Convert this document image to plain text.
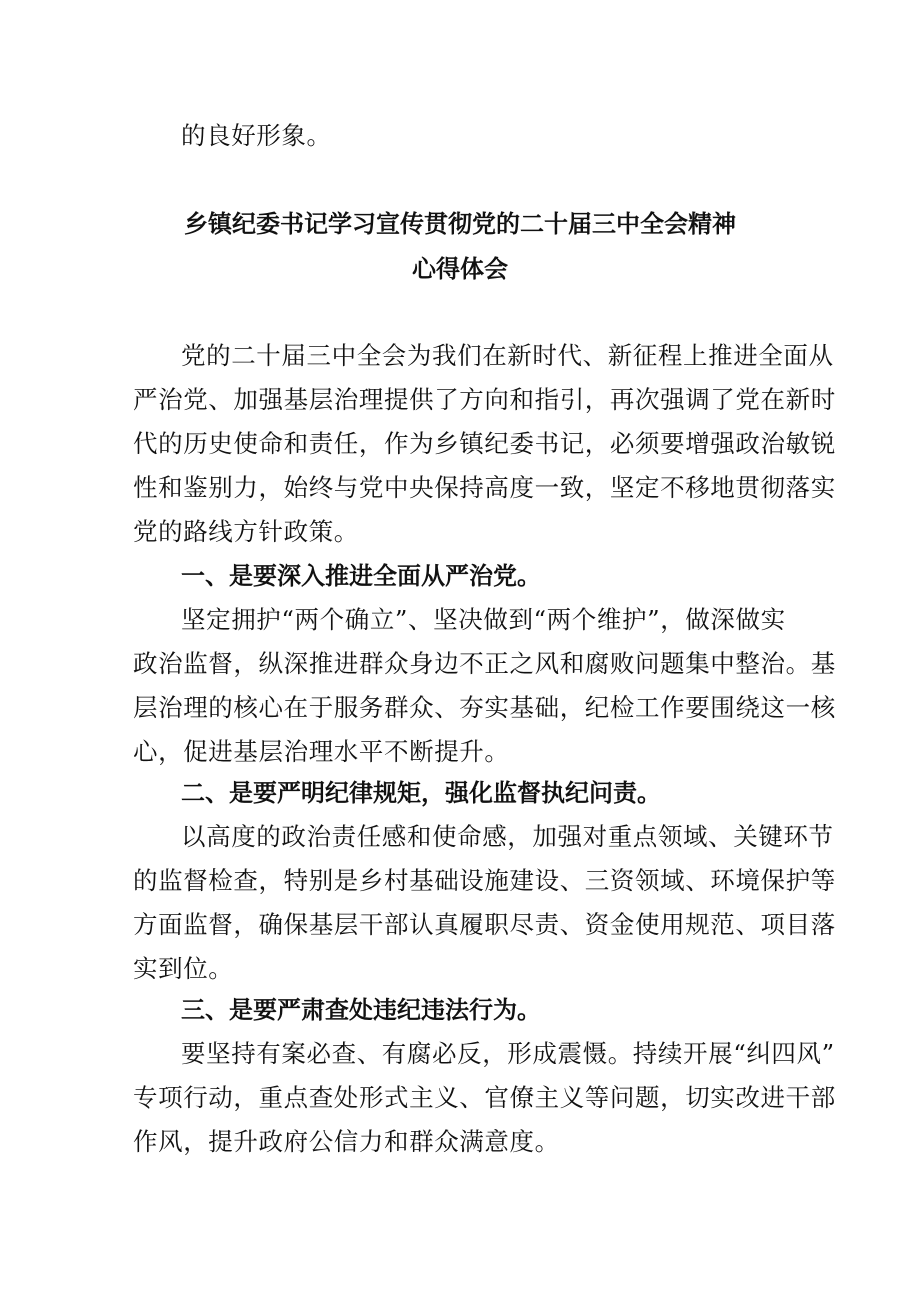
的良好形象。
乡镇纪委书记学习宣传贯彻党的二十届三中全会精神
心得体会
党的二十届三中全会为我们在新时代、新征程上推进全面从
严治党、加强基层治理提供了方向和指引，再次强调了党在新时
代的历史使命和责任，作为乡镇纪委书记，必须要增强政治敏锐
性和鉴别力，始终与党中央保持高度一致，坚定不移地贯彻落实
党的路线方针政策。
一、是要深入推进全面从严治党。
坚定拥护“两个确立”、坚决做到“两个维护”，做深做实
政治监督，纵深推进群众身边不正之风和腐败问题集中整治。基
层治理的核心在于服务群众、夯实基础，纪检工作要围绕这一核
心，促进基层治理水平不断提升。
二、是要严明纪律规矩，强化监督执纪问责。
以高度的政治责任感和使命感，加强对重点领域、关键环节
的监督检查，特别是乡村基础设施建设、三资领域、环境保护等
方面监督，确保基层干部认真履职尽责、资金使用规范、项目落
实到位。
三、是要严肃查处违纪违法行为。
要坚持有案必查、有腐必反，形成震慑。持续开展“纠四风”
专项行动，重点查处形式主义、官僚主义等问题，切实改进干部
作风，提升政府公信力和群众满意度。
